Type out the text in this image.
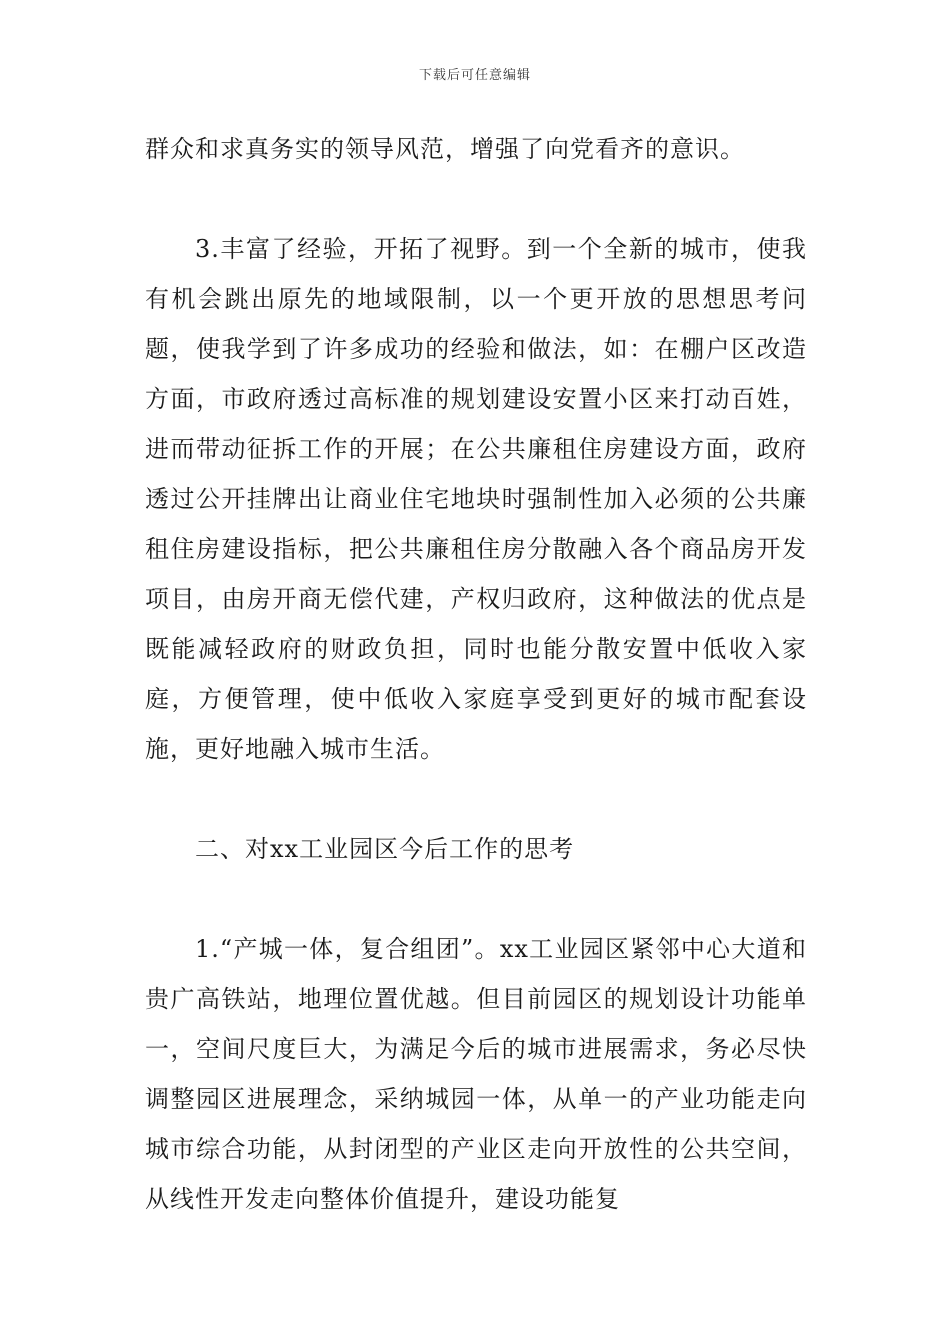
下载后可任意编辑

群众和求真务实的领导风范，增强了向党看齐的意识。

3.丰富了经验，开拓了视野。到一个全新的城市，使我有机会跳出原先的地域限制，以一个更开放的思想思考问题，使我学到了许多成功的经验和做法，如：在棚户区改造方面，市政府透过高标准的规划建设安置小区来打动百姓，进而带动征拆工作的开展；在公共廉租住房建设方面，政府透过公开挂牌出让商业住宅地块时强制性加入必须的公共廉租住房建设指标，把公共廉租住房分散融入各个商品房开发项目，由房开商无偿代建，产权归政府，这种做法的优点是既能减轻政府的财政负担，同时也能分散安置中低收入家庭，方便管理，使中低收入家庭享受到更好的城市配套设施，更好地融入城市生活。

二、对xx工业园区今后工作的思考

1.“产城一体，复合组团”。xx工业园区紧邻中心大道和贵广高铁站，地理位置优越。但目前园区的规划设计功能单一，空间尺度巨大，为满足今后的城市进展需求，务必尽快调整园区进展理念，采纳城园一体，从单一的产业功能走向城市综合功能，从封闭型的产业区走向开放性的公共空间，从线性开发走向整体价值提升，建设功能复
